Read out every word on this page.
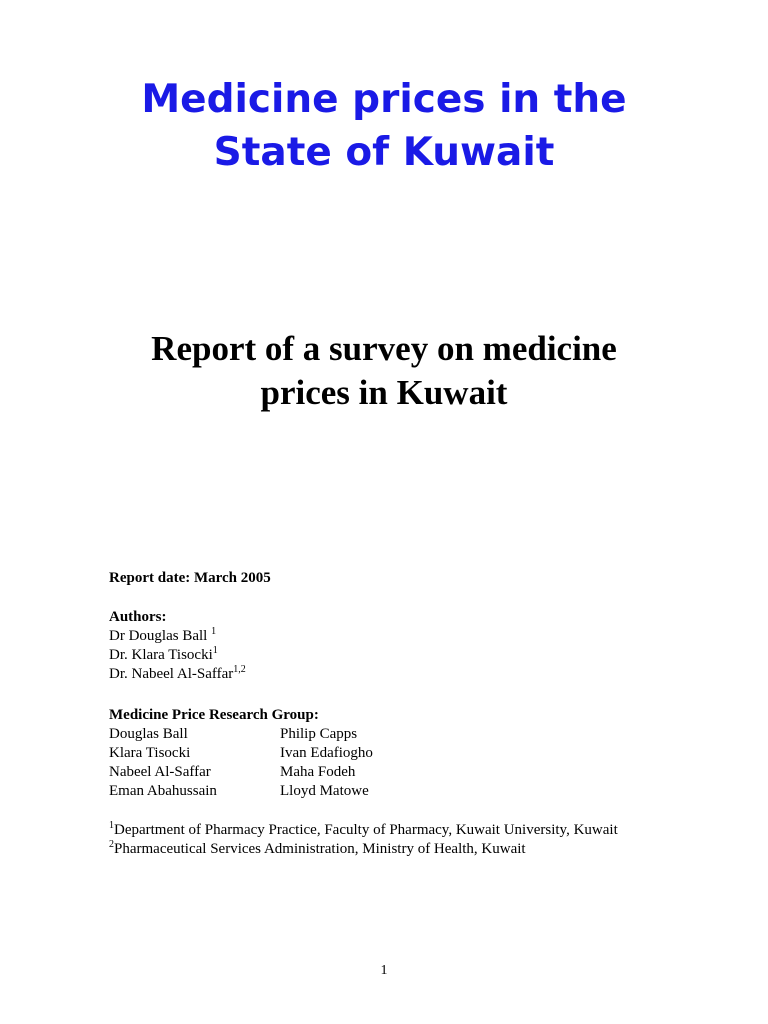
Medicine prices in the
State of Kuwait
Report of a survey on medicine
prices in Kuwait
Report date: March 2005
Authors:
Dr Douglas Ball $^1$
Dr. Klara Tisocki$^1$
Dr. Nabeel Al-Saffar$^{1,2}$
Medicine Price Research Group:
Douglas Ball	Philip Capps
Klara Tisocki	Ivan Edafiogho
Nabeel Al-Saffar	Maha Fodeh
Eman Abahussain	Lloyd Matowe
$^1$Department of Pharmacy Practice, Faculty of Pharmacy, Kuwait University, Kuwait
$^2$Pharmaceutical Services Administration, Ministry of Health, Kuwait
1
